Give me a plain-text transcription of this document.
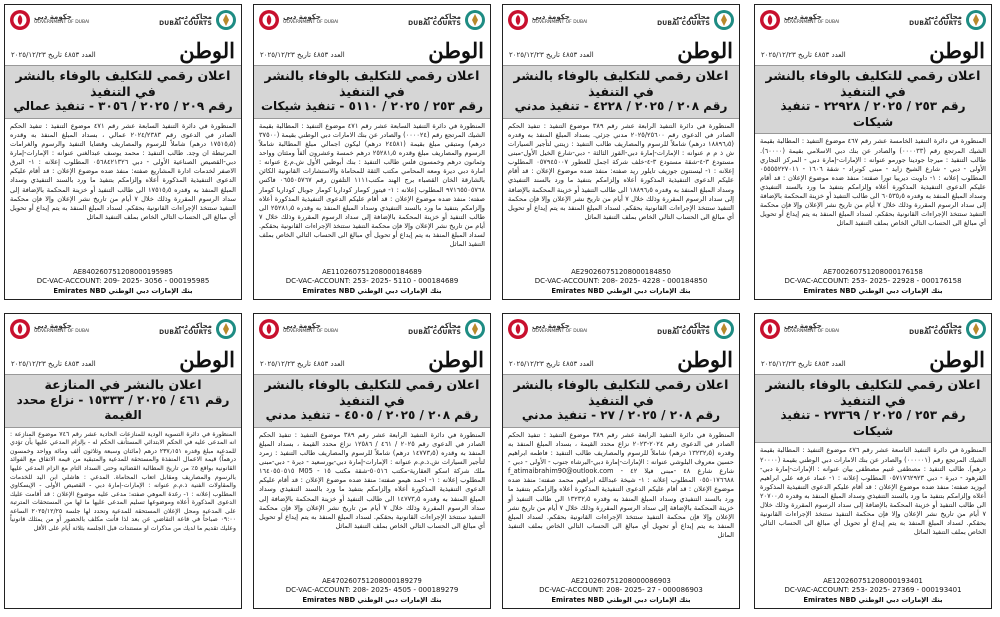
محاكم دبي
DUBAI COURTS
حكومة دبي
GOVERNMENT OF DUBAI
الوطن
العدد ٤٨٥٣ تاريخ ٢٠٢٥/١٢/٢٣
اعلان رقمي للتكليف بالوفاء بالنشر في التنفيذ
رقم ٢٥٣ / ٢٠٢٥ / ٢٢٩٢٨ - تنفيذ شيكات

المنظورة في دائرة التنفيذ الخامسة عشر رقم ٤٦٧ موضوع التنفيذ : المطالبة بقيمة الشيك المرتجع رقم (٠٠٠٠٣٣) والصادر عن بنك دبي الاسلامي بقيمة (٦٠٠٠٠). طالب التنفيذ : ميرجا جودينا جورمو عنوانه : الإمارات-إمارة دبي - المركز التجاري الأولى - دبي - شارع الشيخ زايد - مبنى كونراد - شقة ١٦٠٦ - ٠٥٥٥٥٢٢٧٠١١ المطلوب إعلانه : ١- داويت ديريبا تورا صفته: منفذ ضده موضوع الإعلان : قد أقام عليكم الدعوى التنفيذية المذكورة أعلاه وإلزامكم بتنفيذ ما ورد بالسند التنفيذي وسداد المبلغ المنفذ به وقدره ٦٠٥٣٥٫٥ الى طالب التنفيذ أو خزينة المحكمة بالإضافة إلى سداد الرسوم المقررة وذلك خلال ٧ أيام من تاريخ نشر الإعلان وإلا فإن محكمة التنفيذ ستتخذ الإجراءات القانونية بحقكم. لسداد المبلغ المنفذ به يتم إيداع أو تحويل أي مبالغ الى الحساب التالي الخاص بملف التنفيذ الماثل

AE700260751208000176158
DC-VAC-ACCOUNT: 253- 2025- 22928 - 000176158
بنك الإمارات دبي الوطني Emirates NBD
محاكم دبي
DUBAI COURTS
حكومة دبي
GOVERNMENT OF DUBAI
الوطن
العدد ٤٨٥٣ تاريخ ٢٠٢٥/١٢/٢٣
اعلان رقمي للتكليف بالوفاء بالنشر في التنفيذ
رقم ٢٠٨ / ٢٠٢٥ / ٤٢٢٨ - تنفيذ مدني

المنظورة في دائرة التنفيذ الرابعة عشر رقم ٣٨٩ موضوع التنفيذ : تنفيذ الحكم الصادر في الدعوى رقم ٢٠٢٥/٢٥٦٠٠ مدني جزئي. بسداد المبلغ المنفذ به وقدره (١٨٨٩٦٫٥ درهم) شاملاً للرسوم والمصاريف طالب التنفيذ : زينتي لتأجير السيارات ش ذ م م عنوانه : الإمارات-إمارة دبي-القوز الثالثة - دبي-شارع الخيل الأول-مبنى مستودع ٣-٤-شقة مستودع ٣-٤-خلف شركة اجمل للعطور ٠٥٧٩٤٥٠٠٧ المطلوب إعلانه : ١- ليسنتون جوزيف تايلور ريد صفته: منفذ ضده موضوع الإعلان : قد أقام عليكم الدعوى التنفيذية المذكورة أعلاه وإلزامكم بتنفيذ ما ورد بالسند التنفيذي وسداد المبلغ المنفذ به وقدره ١٨٨٩٦٫٥ الى طالب التنفيذ أو خزينة المحكمة بالإضافة إلى سداد الرسوم المقررة وذلك خلال ٧ أيام من تاريخ نشر الإعلان وإلا فإن محكمة التنفيذ ستتخذ الإجراءات القانونية بحقكم. لسداد المبلغ المنفذ به يتم إيداع أو تحويل أي مبالغ الى الحساب التالي الخاص بملف التنفيذ الماثل

AE290260751208000184850
DC-VAC-ACCOUNT: 208- 2025- 4228 - 000184850
بنك الإمارات دبي الوطني Emirates NBD
محاكم دبي
DUBAI COURTS
حكومة دبي
GOVERNMENT OF DUBAI
الوطن
العدد ٤٨٥٣ تاريخ ٢٠٢٥/١٢/٢٣
اعلان رقمي للتكليف بالوفاء بالنشر في التنفيذ
رقم ٢٥٣ / ٢٠٢٥ / ٥١١٠ - تنفيذ شيكات

المنظورة في دائرة التنفيذ السابعة عشر رقم ٤٧١ موضوع التنفيذ : المطالبة بقيمة الشيك المرتجع رقم (٠٠٠٠٢٤) والصادر عن بنك الامارات دبي الوطني بقيمة (٣٧٥٠٠ درهم) ومتبقي مبلغ بقيمة (٢٤٥٨١ درهم) ليكون اجمالي مبلغ المطالبة شاملاً الرسوم والمصاريف مبلغ وقدره ٢٥٢٨١٫٥ درهم خمسة وعشرون ألفاً ومئتان وواحد وثمانون درهم وخمسون فلس طالب التنفيذ : بنك أبوظبي الأول ش.م.ع عنوانه : امارة دبي ديرة ومعه المحامي مكتب الثقة للمحاماة والاستشارات القانونية الكائن بالشارقة الخان القصباء برج الهند مكتب١١١١ التلفون رقم ٠٦٥٥٠٥٧٦٧ فاكس ٩٧١٦٥٥٠٥٧٦٨ المطلوب إعلانه : ١- فيتوز كومار كوداريا كومار جوبال كوداريا كومار صفته: منفذ ضده موضوع الإعلان : قد أقام عليكم الدعوى التنفيذية المذكورة أعلاه وإلزامكم بتنفيذ ما ورد بالسند التنفيذي وسداد المبلغ المنفذ به وقدره ٢٥٢٨١٫٥ الى طالب التنفيذ أو خزينة المحكمة بالإضافة إلى سداد الرسوم المقررة وذلك خلال ٧ أيام من تاريخ نشر الإعلان وإلا فإن محكمة التنفيذ ستتخذ الإجراءات القانونية بحقكم. لسداد المبلغ المنفذ به يتم إيداع أو تحويل أي مبالغ الى الحساب التالي الخاص بملف التنفيذ الماثل

AE110260751208000184689
DC-VAC-ACCOUNT: 253- 2025- 5110 - 000184689
بنك الإمارات دبي الوطني Emirates NBD
محاكم دبي
DUBAI COURTS
حكومة دبي
GOVERNMENT OF DUBAI
الوطن
العدد ٤٨٥٣ تاريخ ٢٠٢٥/١٢/٢٣
اعلان رقمي للتكليف بالوفاء بالنشر في التنفيذ
رقم ٢٠٩ / ٢٠٢٥ / ٣٠٥٦ - تنفيذ عمالي

المنظورة في دائرة التنفيذ السابعة عشر رقم ٤٧١ موضوع التنفيذ : تنفيذ الحكم الصادر في الدعوى رقم ٢٠٢٤/٢٣٨٣ عمالي ، بسداد المبلغ المنفذ به وقدره (١٧٥١٥٫٥ درهم) شاملاً للرسوم والمصاريف وقضايا التنفيذ والرسوم والغرامات المرتبطة ان وجد. طالب التنفيذ : محمد يوسف عبدالغني عنوانه : الإمارات-إمارة دبي-القصيص الصناعية الأولى - دبي ٠٥٦٨٤٢١٣٢٦ المطلوب إعلانه : ١- البرق الاصفر لخدمات ادارة المشاريع صفته: منفذ ضده موضوع الإعلان : قد أقام عليكم الدعوى التنفيذية المذكورة أعلاه وإلزامكم بتنفيذ ما ورد بالسند التنفيذي وسداد المبلغ المنفذ به وقدره ١٧٥١٥٫٥ الى طالب التنفيذ أو خزينة المحكمة بالإضافة إلى سداد الرسوم المقررة وذلك خلال ٧ أيام من تاريخ نشر الإعلان وإلا فإن محكمة التنفيذ ستتخذ الإجراءات القانونية بحقكم. لسداد المبلغ المنفذ به يتم إيداع أو تحويل أي مبالغ الى الحساب التالي الخاص بملف التنفيذ الماثل

AE840260751208000195985
DC-VAC-ACCOUNT: 209- 2025- 3056 - 000195985
بنك الإمارات دبي الوطني Emirates NBD
محاكم دبي
DUBAI COURTS
حكومة دبي
GOVERNMENT OF DUBAI
الوطن
العدد ٤٨٥٣ تاريخ ٢٠٢٥/١٢/٢٣
اعلان رقمي للتكليف بالوفاء بالنشر في التنفيذ
رقم ٢٥٣ / ٢٠٢٥ / ٢٧٣٦٩ - تنفيذ شيكات

المنظورة في دائرة التنفيذ التاسعة عشر رقم ٤٧٦ موضوع التنفيذ : المطالبة بقيمة الشيك المرتجع رقم (٠٠٠٠٠١) والصادر عن بنك الامارات دبي الوطني بقيمة (٢٠٠٠٠ درهم). طالب التنفيذ : مصطفى غنيم مصطفى بيان عنوانه : الإمارات-إمارة دبي-القرهود - ديرة - دبي ٠٥٧١٧٦٢٩٢٣ المطلوب إعلانه : ١- عماد عرفه علي ابراهيم ابوزيد صفته: منفذ ضده موضوع الإعلان : قد أقام عليكم الدعوى التنفيذية المذكورة أعلاه وإلزامكم بتنفيذ ما ورد بالسند التنفيذي وسداد المبلغ المنفذ به وقدره ٢٠٧٠٠٫٥ الى طالب التنفيذ أو خزينة المحكمة بالإضافة إلى سداد الرسوم المقررة وذلك خلال ٧ أيام من تاريخ نشر الإعلان وإلا فإن محكمة التنفيذ ستتخذ الإجراءات القانونية بحقكم. لسداد المبلغ المنفذ به يتم إيداع أو تحويل أي مبالغ الى الحساب التالي الخاص بملف التنفيذ الماثل

AE120260751208000193401
DC-VAC-ACCOUNT: 253- 2025- 27369 - 000193401
بنك الإمارات دبي الوطني Emirates NBD
محاكم دبي
DUBAI COURTS
حكومة دبي
GOVERNMENT OF DUBAI
الوطن
العدد ٤٨٥٣ تاريخ ٢٠٢٥/١٢/٢٣
اعلان رقمي للتكليف بالوفاء بالنشر في التنفيذ
رقم ٢٠٨ / ٢٠٢٥ / ٢٧ - تنفيذ مدني

المنظورة في دائرة التنفيذ الرابعة عشر رقم ٣٨٩ موضوع التنفيذ : تنفيذ الحكم الصادر في الدعوى رقم ٢٠٢٤-٢٠٢٣ نزاع محدد القيمة ، بسداد المبلغ المنفذ به وقدره (١٣٢٣٢٫٥ درهم) شاملاً للرسوم والمصاريف طالب التنفيذ : فاطمه ابراهيم حسين معروف البلوشي عنوانه : الإمارات-إمارة دبي-البرشاء جنوب - الأولى - دبي - شارع شارع ٤٨ -مبنى فيلا ٤٢ - f_atimaibrahim90@outlook.com ٠٥٥٠١٧٦٦٨٨ المطلوب إعلانه : ١- شيخة عبدالله ابراهيم محمد صفته: منفذ ضده موضوع الإعلان : قد أقام عليكم الدعوى التنفيذية المذكورة أعلاه وإلزامكم بتنفيذ ما ورد بالسند التنفيذي وسداد المبلغ المنفذ به وقدره ١٣٢٣٢٫٥ الى طالب التنفيذ أو خزينة المحكمة بالإضافة إلى سداد الرسوم المقررة وذلك خلال ٧ أيام من تاريخ نشر الإعلان وإلا فإن محكمة التنفيذ ستتخذ الإجراءات القانونية بحقكم. لسداد المبلغ المنفذ به يتم إيداع أو تحويل أي مبالغ الى الحساب التالي الخاص بملف التنفيذ الماثل

AE210260751208000086903
DC-VAC-ACCOUNT: 208- 2025- 27 - 000086903
بنك الإمارات دبي الوطني Emirates NBD
محاكم دبي
DUBAI COURTS
حكومة دبي
GOVERNMENT OF DUBAI
الوطن
العدد ٤٨٥٣ تاريخ ٢٠٢٥/١٢/٢٣
اعلان رقمي للتكليف بالوفاء بالنشر في التنفيذ
رقم ٢٠٨ / ٢٠٢٥ / ٤٥٠٥ - تنفيذ مدني

المنظورة في دائرة التنفيذ الرابعة عشر رقم ٣٨٩ موضوع التنفيذ : تنفيذ الحكم الصادر في الدعوى رقم ٢٠٢٥ / ٤٦١ / ١٢٥٨٦ نزاع محدد القيمة ، بسداد المبلغ المنفذ به وقدره (١٤٧٧٣٫٥ درهم) شاملاً للرسوم والمصاريف طالب التنفيذ : زمرد لتأجير السيارات ش.ذ.م.م عنوانه : الإمارات-إمارة دبي-بورسعيد - ديرة - دبي-مبنى ملك شركة اسكو العقارية-مكتب ٥٠٥١٦-شقة مكتب ١٥ - M05 ١٦٤٠٥٥٠٥١٥ المطلوب إعلانه : ١- احمد هيمو صفته: منفذ ضده موضوع الإعلان : قد أقام عليكم الدعوى التنفيذية المذكورة أعلاه وإلزامكم بتنفيذ ما ورد بالسند التنفيذي وسداد المبلغ المنفذ به وقدره ١٤٧٧٣٫٥ الى طالب التنفيذ أو خزينة المحكمة بالإضافة إلى سداد الرسوم المقررة وذلك خلال ٧ أيام من تاريخ نشر الإعلان وإلا فإن محكمة التنفيذ ستتخذ الإجراءات القانونية بحقكم. لسداد المبلغ المنفذ به يتم إيداع أو تحويل أي مبالغ الى الحساب التالي الخاص بملف التنفيذ الماثل

AE470260751208000189279
DC-VAC-ACCOUNT: 208- 2025- 4505 - 000189279
بنك الإمارات دبي الوطني Emirates NBD
محاكم دبي
DUBAI COURTS
حكومة دبي
GOVERNMENT OF DUBAI
الوطن
العدد ٤٨٥٣ تاريخ ٢٠٢٥/١٢/٢٣
اعلان بالنشر في المنازعة
رقم ٤٦١ / ٢٠٢٥ / ١٥٣٣٣ - نزاع محدد القيمة

المنظورة في دائرة التسوية الودية للمنازعات الحادية عشر رقم ٧٤٦ موضوع المنازعة : انه المدعى عليه في الحكم الابتدائي المستأنف الحكم له - بإلزام المدعي عليها بأن تؤدي للمدعية مبلغ وقدره ٢٣٧٫١٥١ درهم (مائتان وسبعة وثلاثون ألف ومائة وواحد وخمسون درهماً) قيمة الاعمال المنفذة والمستحقة للمدعية والمتبقية من قيمة الاتفاق مع الفوائد القانونية بواقع ٥٪ من تاريخ المطالبة القضائية وحتى السداد التام مع الزام المدعي عليها بالرسوم والمصاريف ومقابل اتعاب المحاماة. المدعي : هاشلي ابن اليد للخدمات والمقاولات الفنية ذ.م.م عنوانه : الإمارات-إمارة دبي - القصيص الأولى - الإيسكاوي المطلوب إعلانه : ١- رغدة الموهي صفته: مدعى عليه موضوع الإعلان : قد أقامت عليك الدعوى المذكورة أعلاه وموضوعها تسليم المدعى عليها ما لها من المستحقات المترتبة على المدعية ومحل الإعلان المستحقة للمدعية وتحدد لها جلسة ٢٠٢٥/١٢/٢٥ الساعة ٠٩:٠٠ صباحاً في قاعة التقاضي عن بعد لذا فأنت مكلف بالحضور أو من يمثلك قانونياً وعليك تقديم ما لديك من مذكرات او مستندات قبل الجلسة بثلاثة أيام على الأقل
